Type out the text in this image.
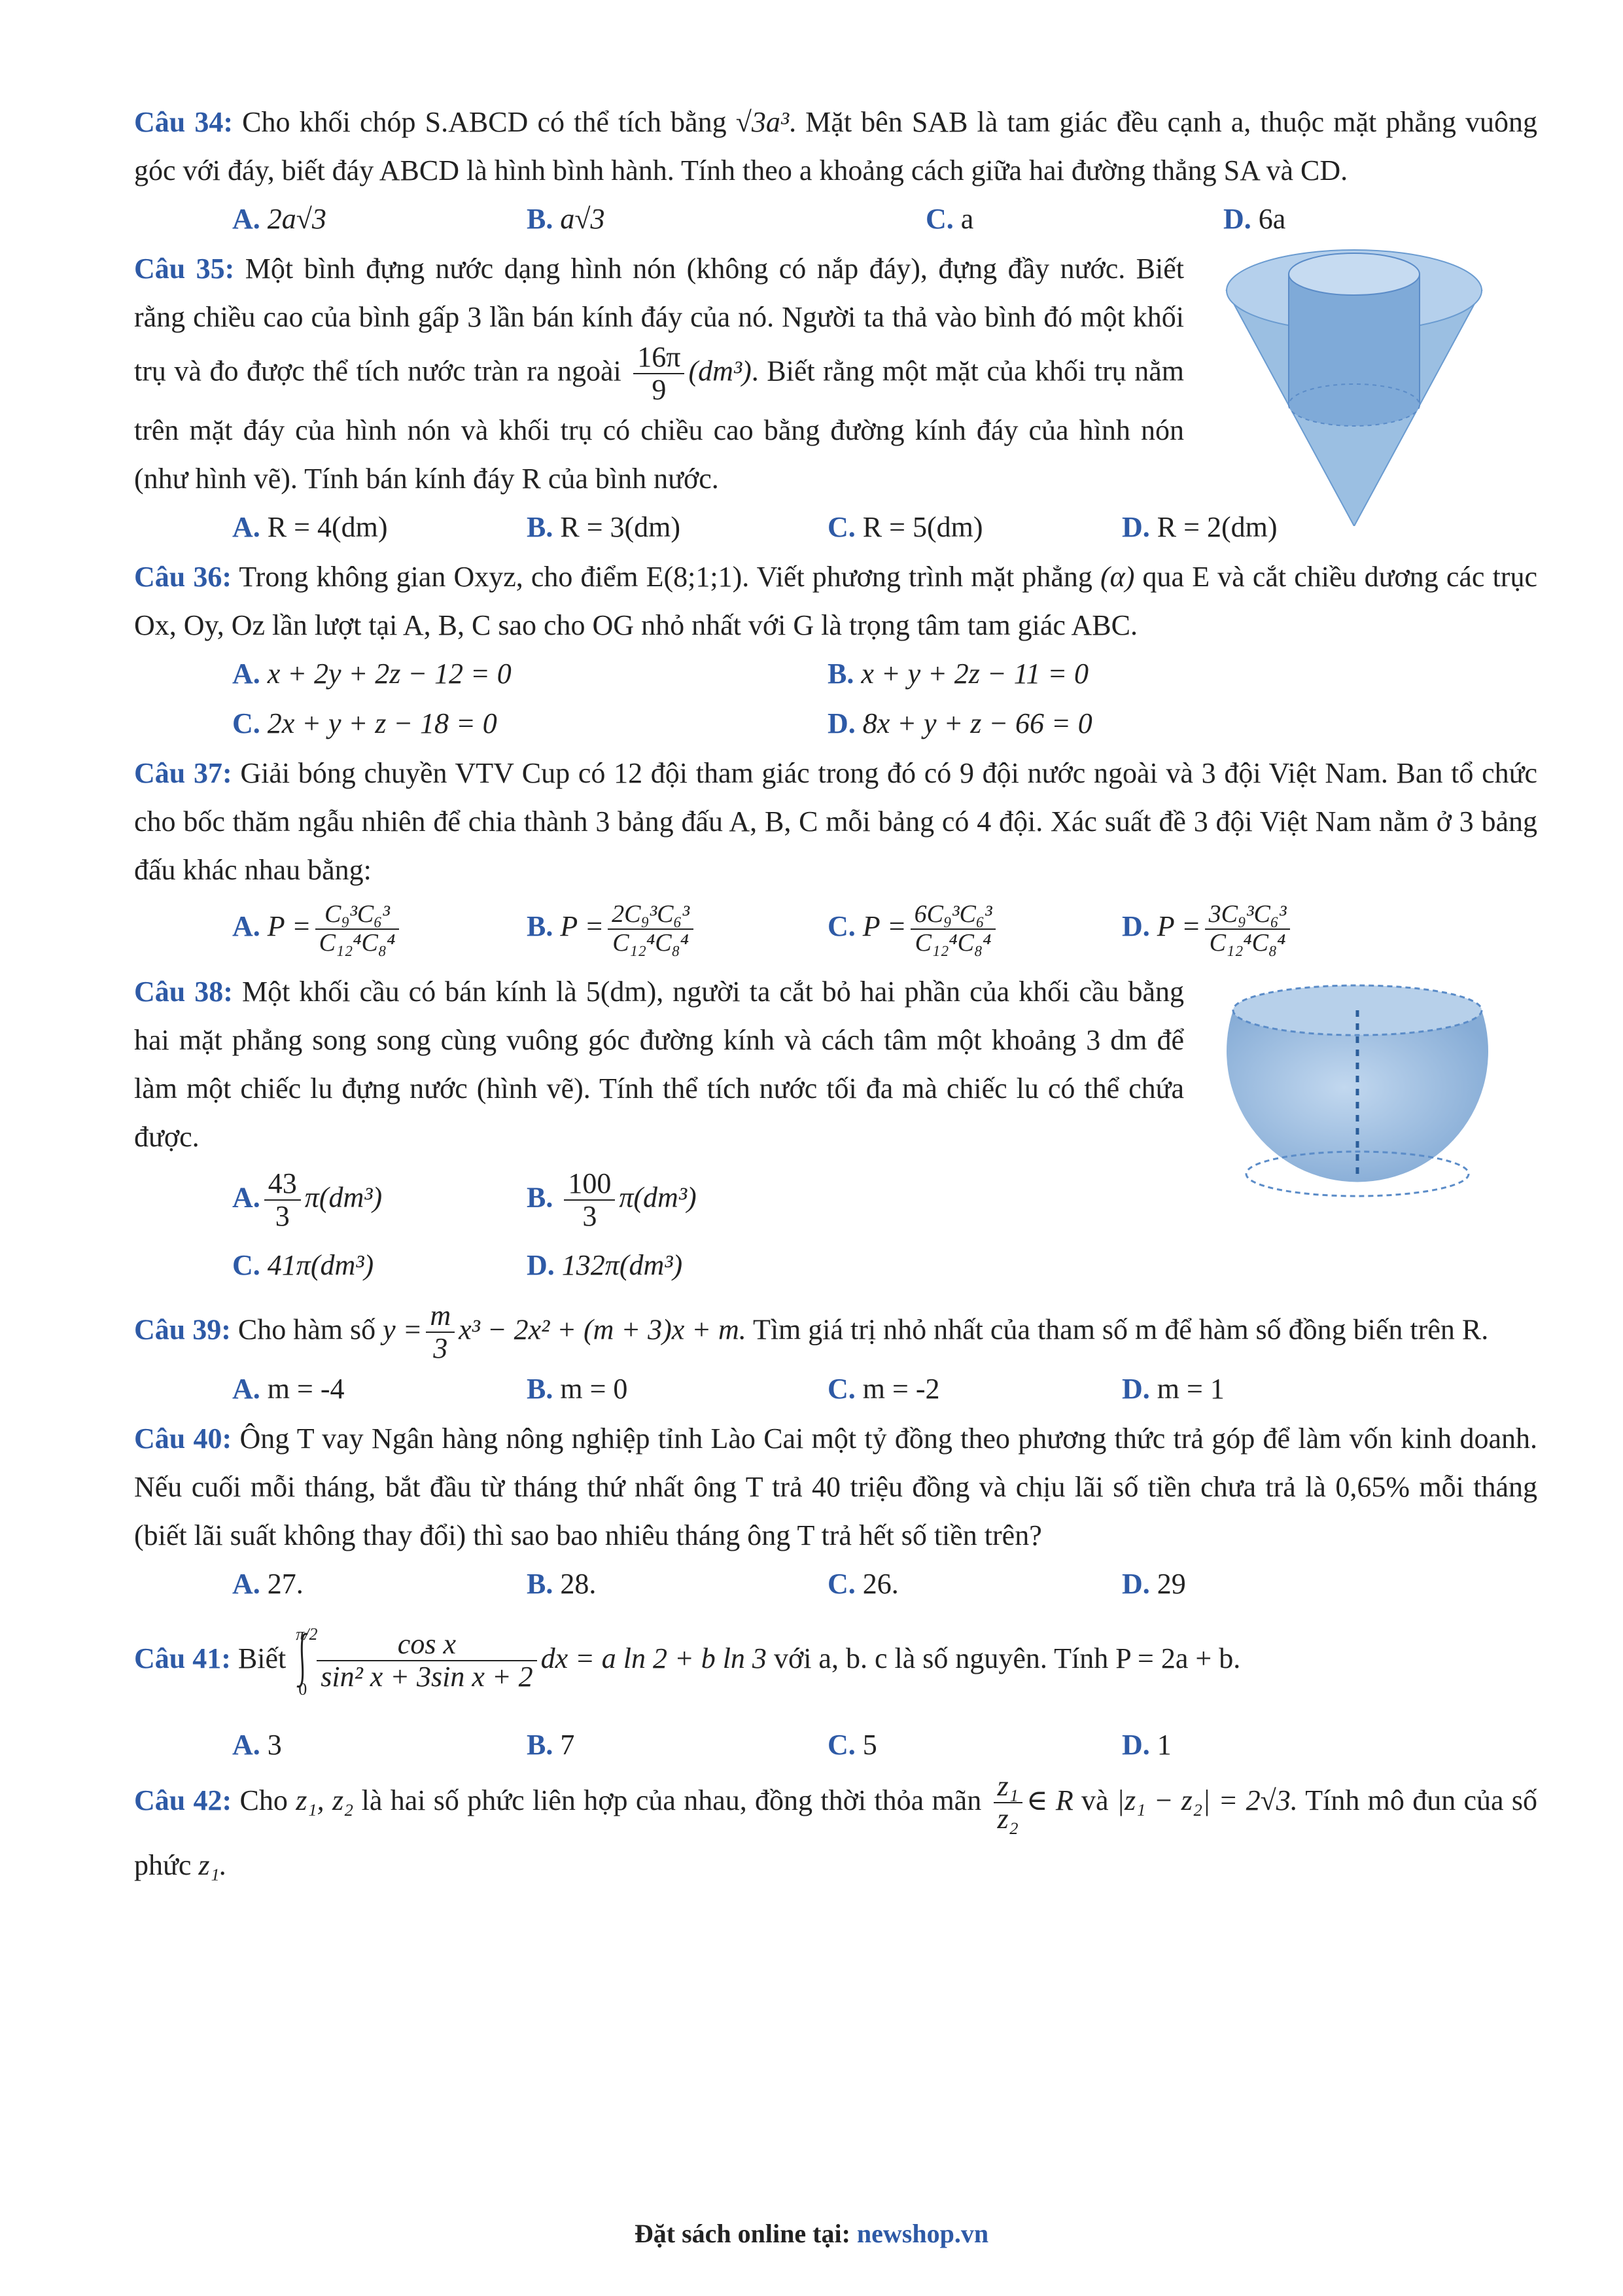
Câu 34: Cho khối chóp S.ABCD có thể tích bằng √3a³. Mặt bên SAB là tam giác đều cạnh a, thuộc mặt phẳng vuông góc với đáy, biết đáy ABCD là hình bình hành. Tính theo a khoảng cách giữa hai đường thẳng SA và CD.

A. 2a√3	B. a√3	C. a	D. 6a

Câu 35: Một bình đựng nước dạng hình nón (không có nắp đáy), đựng đầy nước. Biết rằng chiều cao của bình gấp 3 lần bán kính đáy của nó. Người ta thả vào bình đó một khối trụ và đo được thể tích nước tràn ra ngoài $\frac{16\pi}{9} (dm^3)$. Biết rằng một mặt của khối trụ nằm trên mặt đáy của hình nón và khối trụ có chiều cao bằng đường kính đáy của hình nón (như hình vẽ). Tính bán kính đáy R của bình nước.

A. R = 4(dm)	B. R = 3(dm)	C. R = 5(dm)	D. R = 2(dm)

Câu 36: Trong không gian Oxyz, cho điểm E(8;1;1). Viết phương trình mặt phẳng (α) qua E và cắt chiều dương các trục Ox, Oy, Oz lần lượt tại A, B, C sao cho OG nhỏ nhất với G là trọng tâm tam giác ABC.

A. x + 2y + 2z − 12 = 0	B. x + y + 2z − 11 = 0
C. 2x + y + z − 18 = 0	D. 8x + y + z − 66 = 0

Câu 37: Giải bóng chuyền VTV Cup có 12 đội tham giác trong đó có 9 đội nước ngoài và 3 đội Việt Nam. Ban tổ chức cho bốc thăm ngẫu nhiên để chia thành 3 bảng đấu A, B, C mỗi bảng có 4 đội. Xác suất đề 3 đội Việt Nam nằm ở 3 bảng đấu khác nhau bằng:

A. $P = \frac{\text{C₉³C₆³}}{\text{C₁₂⁴C₈⁴}}$	B. $P = \frac{\text{2C₉³C₆³}}{\text{C₁₂⁴C₈⁴}}$	C. $P = \frac{\text{6C₉³C₆³}}{\text{C₁₂⁴C₈⁴}}$	D. $P = \frac{\text{3C₉³C₆³}}{\text{C₁₂⁴C₈⁴}}$

Câu 38: Một khối cầu có bán kính là 5(dm), người ta cắt bỏ hai phần của khối cầu bằng hai mặt phẳng song song cùng vuông góc đường kính và cách tâm một khoảng 3 dm để làm một chiếc lu đựng nước (hình vẽ). Tính thể tích nước tối đa mà chiếc lu có thể chứa được.

A. $\frac{43}{3} \pi(dm^3)$	B. $\frac{100}{3} \pi(dm^3)$
C. 41π(dm³)	D. 132π(dm³)

Câu 39: Cho hàm số $y = \frac{m}{3} x^3 - 2x^2 + (m + 3)x + m$. Tìm giá trị nhỏ nhất của tham số m để hàm số đồng biến trên R.

A. m = -4	B. m = 0	C. m = -2	D. m = 1

Câu 40: Ông T vay Ngân hàng nông nghiệp tỉnh Lào Cai một tỷ đồng theo phương thức trả góp để làm vốn kinh doanh. Nếu cuối mỗi tháng, bắt đầu từ tháng thứ nhất ông T trả 40 triệu đồng và chịu lãi số tiền chưa trả là 0,65% mỗi tháng (biết lãi suất không thay đổi) thì sao bao nhiêu tháng ông T trả hết số tiền trên?

A. 27.	B. 28.	C. 26.	D. 29

Câu 41: Biết
π/2
$0 \frac{\text{cos x}}{\text{sin² x + 3sin x + 2}}$ dx = a ln 2 + b ln 3 với a, b. c là số nguyên. Tính P = 2a + b.

A. 3	B. 7	C. 5	D. 1

Câu 42: Cho z₁, z₂ là hai số phức liên hợp của nhau, đồng thời thỏa mãn $\frac{\text{z₁}}{\text{z₂}}$ ∈ R và |z₁ − z₂| = 2√3. Tính mô đun của số phức z₁.

Đặt sách online tại: newshop.vn
